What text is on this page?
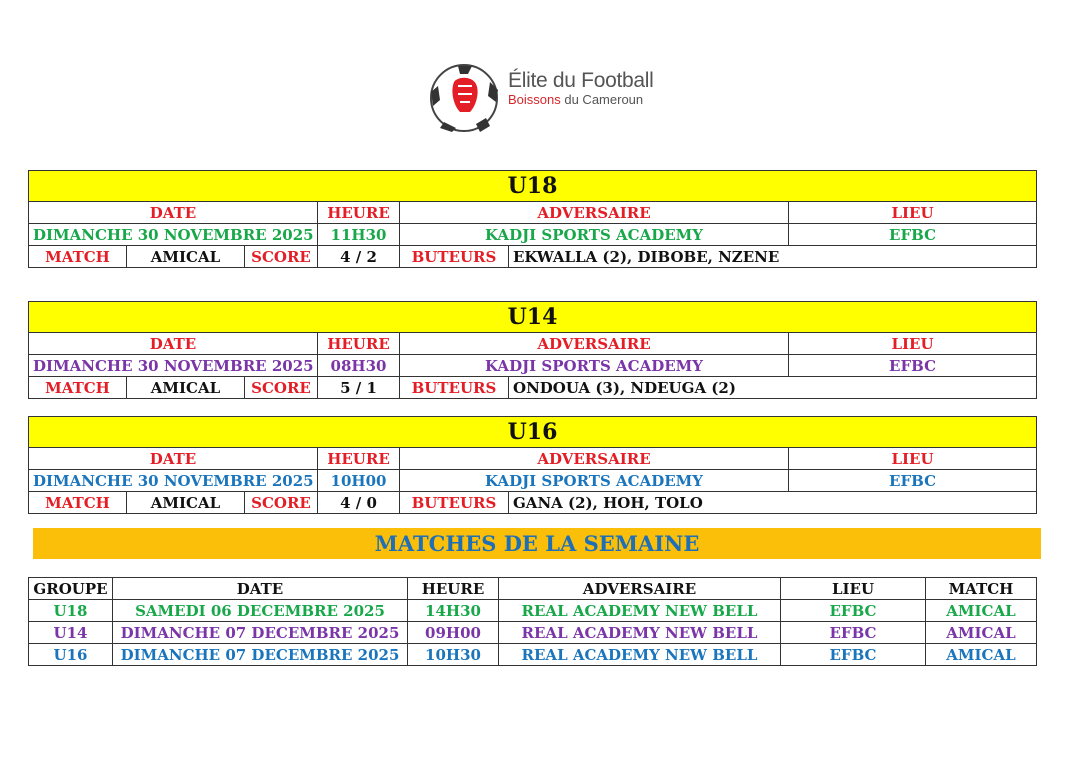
Élite du Football
Boissons du Cameroun
U18						
DATE			HEURE	ADVERSAIRE		LIEU
DIMANCHE 30 NOVEMBRE 2025			11H30	KADJI SPORTS ACADEMY		EFBC
MATCH	AMICAL	SCORE	4 / 2	BUTEURS	EKWALLA (2), DIBOBE, NZENE	
U14						
DATE			HEURE	ADVERSAIRE		LIEU
DIMANCHE 30 NOVEMBRE 2025			08H30	KADJI SPORTS ACADEMY		EFBC
MATCH	AMICAL	SCORE	5 / 1	BUTEURS	ONDOUA (3), NDEUGA (2)	
U16						
DATE			HEURE	ADVERSAIRE		LIEU
DIMANCHE 30 NOVEMBRE 2025			10H00	KADJI SPORTS ACADEMY		EFBC
MATCH	AMICAL	SCORE	4 / 0	BUTEURS	GANA (2), HOH, TOLO	
MATCHES DE LA SEMAINE
GROUPE	DATE	HEURE	ADVERSAIRE	LIEU	MATCH
U18	SAMEDI 06 DECEMBRE 2025	14H30	REAL ACADEMY NEW BELL	EFBC	AMICAL
U14	DIMANCHE 07 DECEMBRE 2025	09H00	REAL ACADEMY NEW BELL	EFBC	AMICAL
U16	DIMANCHE 07 DECEMBRE 2025	10H30	REAL ACADEMY NEW BELL	EFBC	AMICAL
